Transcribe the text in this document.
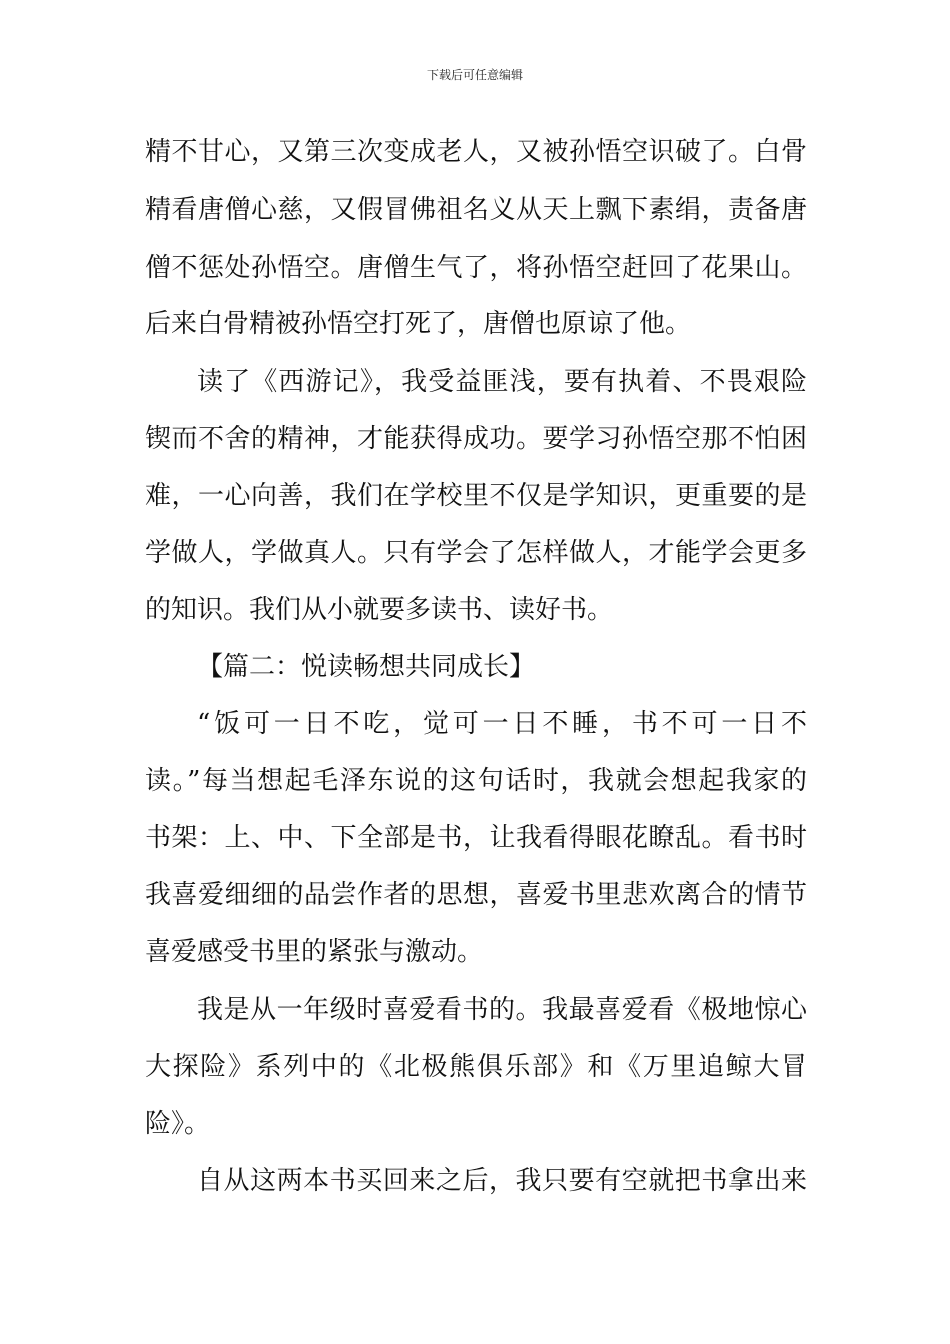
下载后可任意编辑
精不甘心，又第三次变成老人，又被孙悟空识破了。白骨
精看唐僧心慈，又假冒佛祖名义从天上飘下素绢，责备唐
僧不惩处孙悟空。唐僧生气了，将孙悟空赶回了花果山。
后来白骨精被孙悟空打死了，唐僧也原谅了他。
读了《西游记》，我受益匪浅，要有执着、不畏艰险
锲而不舍的精神，才能获得成功。要学习孙悟空那不怕困
难，一心向善，我们在学校里不仅是学知识，更重要的是
学做人，学做真人。只有学会了怎样做人，才能学会更多
的知识。我们从小就要多读书、读好书。
【篇二：悦读畅想共同成长】
“饭可一日不吃，觉可一日不睡，书不可一日不
读。”每当想起毛泽东说的这句话时，我就会想起我家的
书架：上、中、下全部是书，让我看得眼花瞭乱。看书时
我喜爱细细的品尝作者的思想，喜爱书里悲欢离合的情节
喜爱感受书里的紧张与激动。
我是从一年级时喜爱看书的。我最喜爱看《极地惊心
大探险》系列中的《北极熊俱乐部》和《万里追鲸大冒
险》。
自从这两本书买回来之后，我只要有空就把书拿出来
